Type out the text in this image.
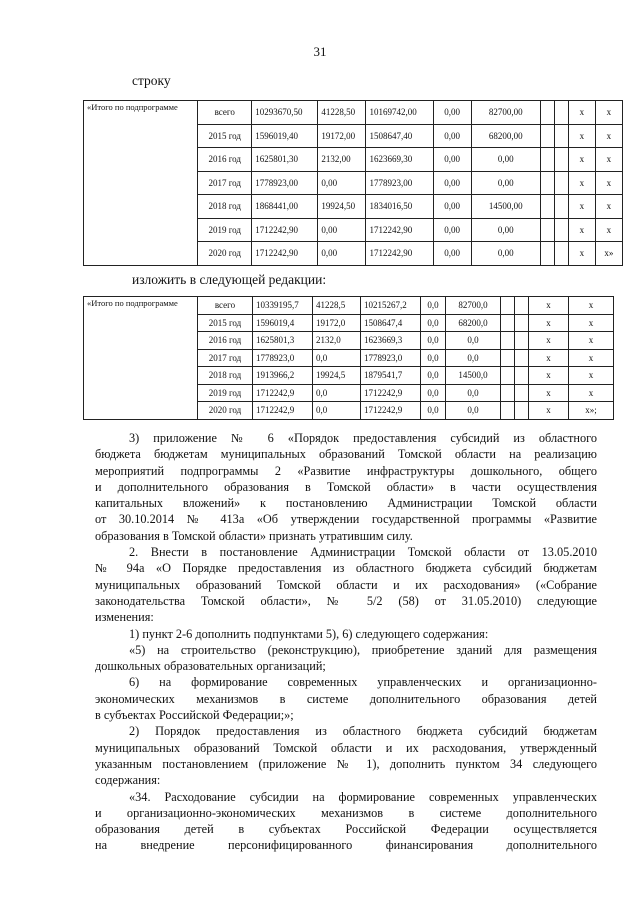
31
строку
«Итого по подпрограмме	всего	10293670,50	41228,50	10169742,00	0,00	82700,00			х	х
	2015 год	1596019,40	19172,00	1508647,40	0,00	68200,00			х	х
	2016 год	1625801,30	2132,00	1623669,30	0,00	0,00			х	х
	2017 год	1778923,00	0,00	1778923,00	0,00	0,00			х	х
	2018 год	1868441,00	19924,50	1834016,50	0,00	14500,00			х	х
	2019 год	1712242,90	0,00	1712242,90	0,00	0,00			х	х
	2020 год	1712242,90	0,00	1712242,90	0,00	0,00			х	х»
изложить в следующей редакции:
«Итого по подпрограмме	всего	10339195,7	41228,5	10215267,2	0,0	82700,0			х	х
	2015 год	1596019,4	19172,0	1508647,4	0,0	68200,0			х	х
	2016 год	1625801,3	2132,0	1623669,3	0,0	0,0			х	х
	2017 год	1778923,0	0,0	1778923,0	0,0	0,0			х	х
	2018 год	1913966,2	19924,5	1879541,7	0,0	14500,0			х	х
	2019 год	1712242,9	0,0	1712242,9	0,0	0,0			х	х
	2020 год	1712242,9	0,0	1712242,9	0,0	0,0			х	х»;

3) приложение № 6 «Порядок предоставления субсидий из областного

бюджета бюджетам муниципальных образований Томской области на реализацию

мероприятий подпрограммы 2 «Развитие инфраструктуры дошкольного, общего

и дополнительного образования в Томской области» в части осуществления

капитальных вложений» к постановлению Администрации Томской области

от 30.10.2014 № 413а «Об утверждении государственной программы «Развитие

образования в Томской области» признать утратившим силу.

2. Внести в постановление Администрации Томской области от 13.05.2010

№ 94а «О Порядке предоставления из областного бюджета субсидий бюджетам

муниципальных образований Томской области и их расходования» («Собрание

законодательства Томской области», № 5/2 (58) от 31.05.2010) следующие

изменения:

1) пункт 2-6 дополнить подпунктами 5), 6) следующего содержания:

«5) на строительство (реконструкцию), приобретение зданий для размещения

дошкольных образовательных организаций;

6) на формирование современных управленческих и организационно-

экономических механизмов в системе дополнительного образования детей

в субъектах Российской Федерации;»;

2) Порядок предоставления из областного бюджета субсидий бюджетам

муниципальных образований Томской области и их расходования, утвержденный

указанным постановлением (приложение № 1), дополнить пунктом 34 следующего

содержания:

«34. Расходование субсидии на формирование современных управленческих

и организационно-экономических механизмов в системе дополнительного

образования детей в субъектах Российской Федерации осуществляется

на внедрение персонифицированного финансирования дополнительного
